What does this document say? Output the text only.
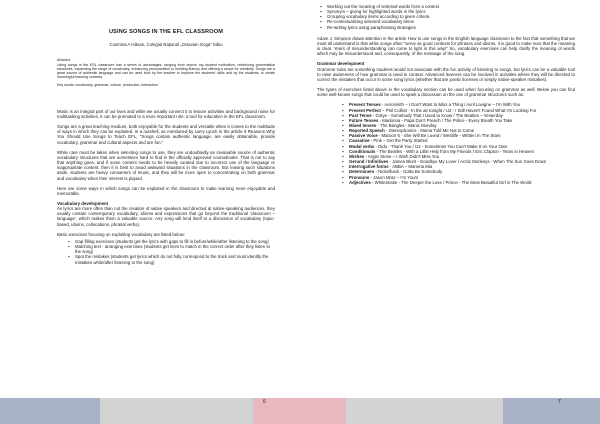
USING SONGS IN THE EFL CLASSROOM
Cosmina A măsan, Colegiul Naţional „Octavian Goga” Sibiu
Abstract:
Using songs in the ESL classroom has a series of advantages, ranging from improv ing student motivation, reinforcing grammatical structures, expanding the range of vocabulary, enhancing pronunciation to building fluency and offering a scope for creativity. Songs are a great source of authentic language and can be used both by the teacher to improve the students' skills and by the students, to create meaningful learning contexts.
Key words: vocabulary, grammar, culture, production, interaction

Music is an integral part of our lives and while we usually connect it to leisure activities and background noise for multitasking activities, it can be promoted to a more important role: a tool for education in the EFL classroom.

Songs are a great teaching medium, both enjoyable for the students and versatile when it comes to the multitude of ways in which they can be exploited. In a nutshell, as mentioned by Larry Lynch in the article 9 Reasons Why You Should Use Songs to Teach EFL, “Songs contain authentic language, are easily obtainable, provide vocabulary, grammar and cultural aspects and are fun.”

While care must be taken when selecting songs to use, they are undoubtedly an invaluable source of authentic vocabulary structures that are sometimes hard to find in the officially approved coursebooks. That is not to say that anything goes, and if some content needs to be heavily curated due to incorrect use of the language or inappropriate content, then it is best to avoid awkward situations in the classroom. But leaving such situations aside, students are heavy consumers of music, and they will be more open to concentrating on both grammar and vocabulary when their interest is piqued.

Here are some ways in which songs can be exploited in the classroom to make learning more enjoyable and memorable.

Vocabulary development

As lyrics are more often than not the creation of native speakers and directed at native-speaking audiences, they usually contain contemporary vocabulary, idioms and expressions that go beyond the traditional ‘classroom – language’, which makes them a valuable source. Any song will lend itself to a discussion of vocabulary (topic-based, idioms, collocations, phrasal verbs).

Basic exercises focusing on exploiting vocabulary are listed below:
▪ Gap-filling exercises (students get the lyrics with gaps to fill in before/while/after listening to the song)
▪ Matching text - arranging exercises (students get lines to match in the correct order after they listen to the song)
▪ Spot the mistakes (students get lyrics which do not fully correspond to the track and must identify the mistakes while/after listening to the song)
▪ Working out the meaning of selected words from a context
▪ Synonym – giving for highlighted words in the lyrics
▪ Grouping vocabulary items according to given criteria
▪ Re-contextualizing selected vocabulary items
▪ Re-writing lyrics using paraphrasing strategies

Adam J. Simpson draws attention in the article How to use songs in the English language classroom to the fact that something that we must all understand is that while songs often “serve as good contexts for phrases and idioms, it is good to make sure that the meaning is clear. Years of misunderstanding can come to light in this way!” So, vocabulary exercises can help clarify the meaning of words which may be misunderstood and, consequently, of the message of the song.

Grammar development

Grammar rules are something students would not associate with the fun activity of listening to songs, but lyrics can be a valuable tool to raise awareness of how grammar is used in context. Advanced learners can be involved in activities where they will be directed to correct the mistakes that occur in some song lyrics (whether that are poetic licenses or simply native-speaker mistakes).

The types of exercises listed above in the vocabulary section can be used when focusing on grammar as well. Below you can find some well-known songs that could be used to spark a discussion on the use of grammar structures such as:

▪ Present Tenses - Aerosmith – I Don't Want to Miss a Thing / Avril Lavigne – I'm With You
▪ Present Perfect – Phil Collins - In the air tonight / U2 - I Still Haven't Found What I'm Looking For
▪ Past Tense - Gotye - Somebody That I Used to Know / The Beatles – Yesterday
▪ Future Tenses - Madonna - Papa Don't Preach / The Police - Every Breath You Take
▪ Mixed tenses - The Bangles - Manic Monday
▪ Reported Speech - Stereophonics - Mama Told Me Not to Come
▪ Passive Voice - Maroon 5 - She Will Be Loved / Westlife - Written In The Stars
▪ Causative - Pink – Get the Party Started
▪ Modal verbs - Dido - Thank You / U2 - Sometimes You Can't Make It on Your Own
▪ Conditionals - The Beatles - With a Little Help from My Friends / Eric Clapton - Tears in Heaven
▪ Wishes - Angie Stone – I Wish Didn't Miss You
▪ Gerund / Infinitives - James Blunt - Goodbye My Lover / Arctic Monkeys - When The Sun Goes Down
▪ Interrogative forms - ABBA – Mamma Mia
▪ Determiners - Nickelback - Gotta Be Somebody
▪ Pronouns - Jason Mraz – I'm Yours
▪ Adjectives - Whitesnake - The Deeper the Love / Prince - The Most Beautiful Girl in The World
6	7
